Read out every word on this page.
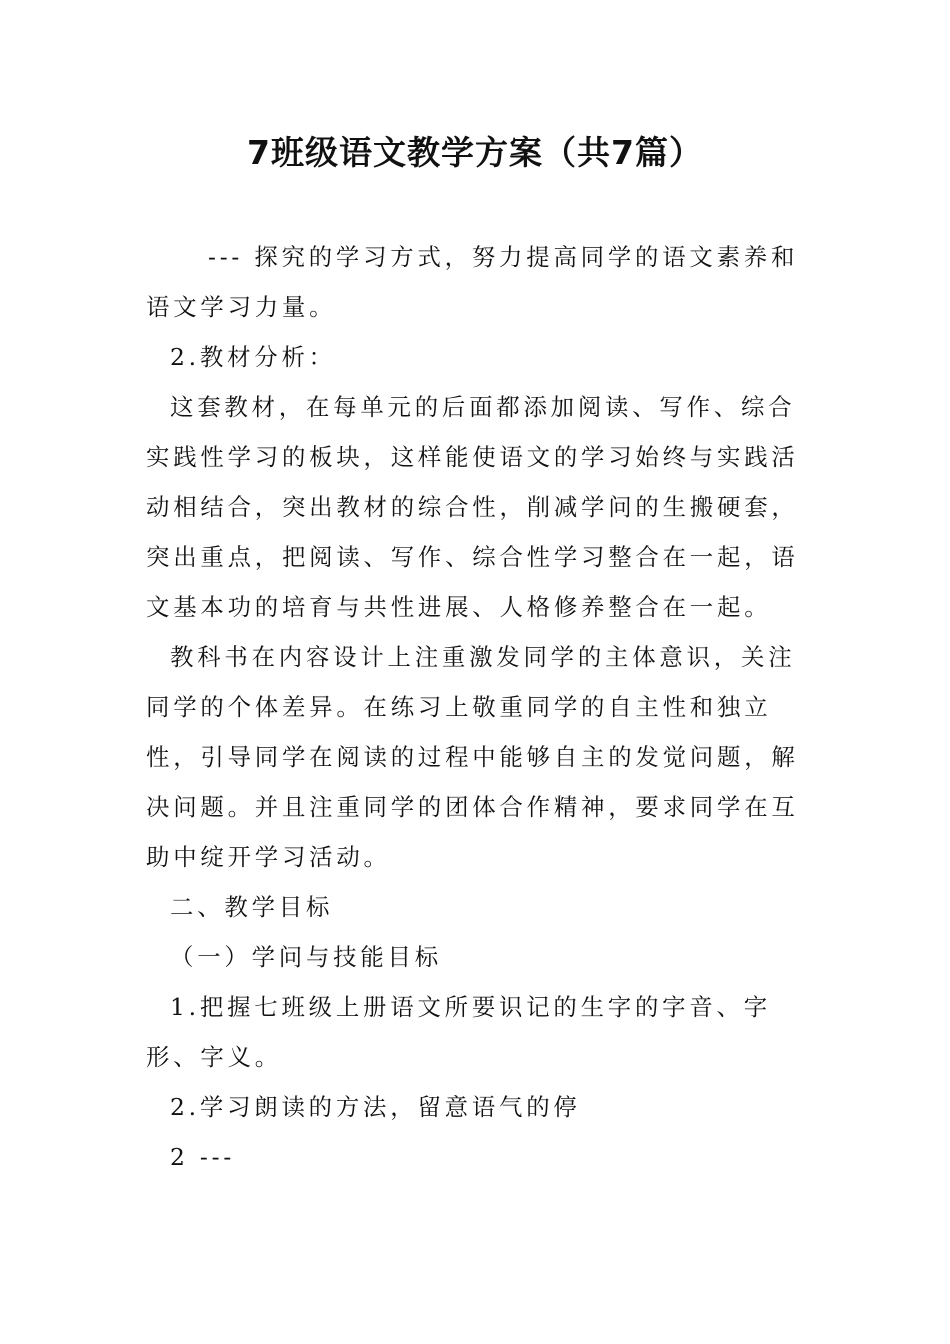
7班级语文教学方案（共7篇）

--- 探究的学习方式，努力提高同学的语文素养和语文学习力量。

2.教材分析：

这套教材，在每单元的后面都添加阅读、写作、综合实践性学习的板块，这样能使语文的学习始终与实践活动相结合，突出教材的综合性，削减学问的生搬硬套，突出重点，把阅读、写作、综合性学习整合在一起，语文基本功的培育与共性进展、人格修养整合在一起。

教科书在内容设计上注重激发同学的主体意识，关注同学的个体差异。在练习上敬重同学的自主性和独立性，引导同学在阅读的过程中能够自主的发觉问题，解决问题。并且注重同学的团体合作精神，要求同学在互助中绽开学习活动。

二、教学目标

（一）学问与技能目标

1.把握七班级上册语文所要识记的生字的字音、字形、字义。

2.学习朗读的方法，留意语气的停

2 ---
